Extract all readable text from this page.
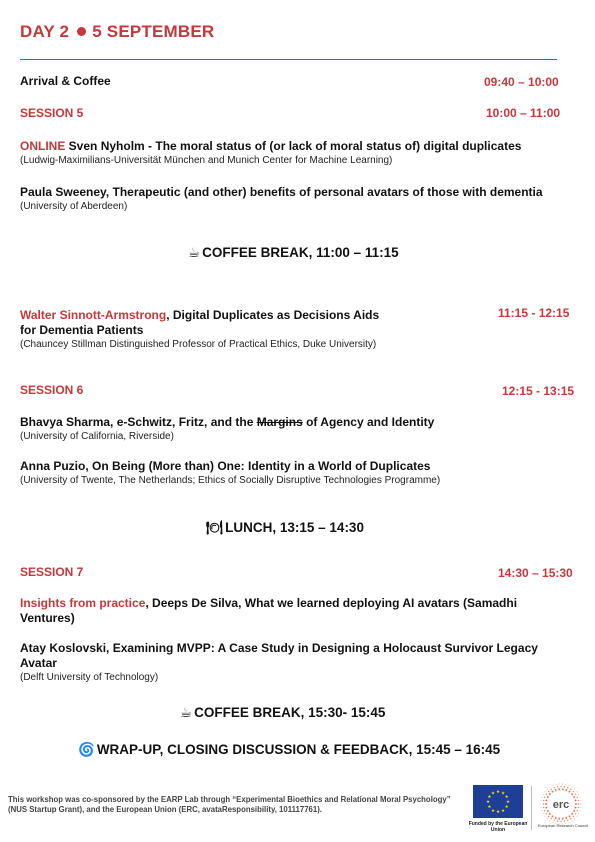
DAY 2 5 SEPTEMBER
Arrival & Coffee	09:40 – 10:00
SESSION 5	10:00 – 11:00
ONLINE Sven Nyholm - The moral status of (or lack of moral status of) digital duplicates
(Ludwig-Maximilians-Universität München and Munich Center for Machine Learning)
Paula Sweeney, Therapeutic (and other) benefits of personal avatars of those with dementia
(University of Aberdeen)
☕ COFFEE BREAK, 11:00 – 11:15
Walter Sinnott-Armstrong, Digital Duplicates as Decisions Aids
for Dementia Patients
11:15 - 12:15
(Chauncey Stillman Distinguished Professor of Practical Ethics, Duke University)
SESSION 6	12:15 - 13:15
Bhavya Sharma, e-Schwitz, Fritz, and the Margins of Agency and Identity
(University of California, Riverside)
Anna Puzio, On Being (More than) One: Identity in a World of Duplicates
(University of Twente, The Netherlands; Ethics of Socially Disruptive Technologies Programme)
🍽 LUNCH, 13:15 – 14:30
SESSION 7	14:30 – 15:30
Insights from practice, Deeps De Silva, What we learned deploying AI avatars (Samadhi
Ventures)
Atay Koslovski, Examining MVPP: A Case Study in Designing a Holocaust Survivor Legacy
Avatar
(Delft University of Technology)
☕ COFFEE BREAK, 15:30- 15:45
🌀 WRAP-UP, CLOSING DISCUSSION & FEEDBACK, 15:45 – 16:45
This workshop was co-sponsored by the EARP Lab through “Experimental Bioethics and Relational Moral Psychology” (NUS Startup Grant), and the European Union (ERC, avataResponsibility, 101117761).
★
★
★
★
★
★
★
★
★ ★ ★
★
Funded by the European Union
erc
European Research Council
